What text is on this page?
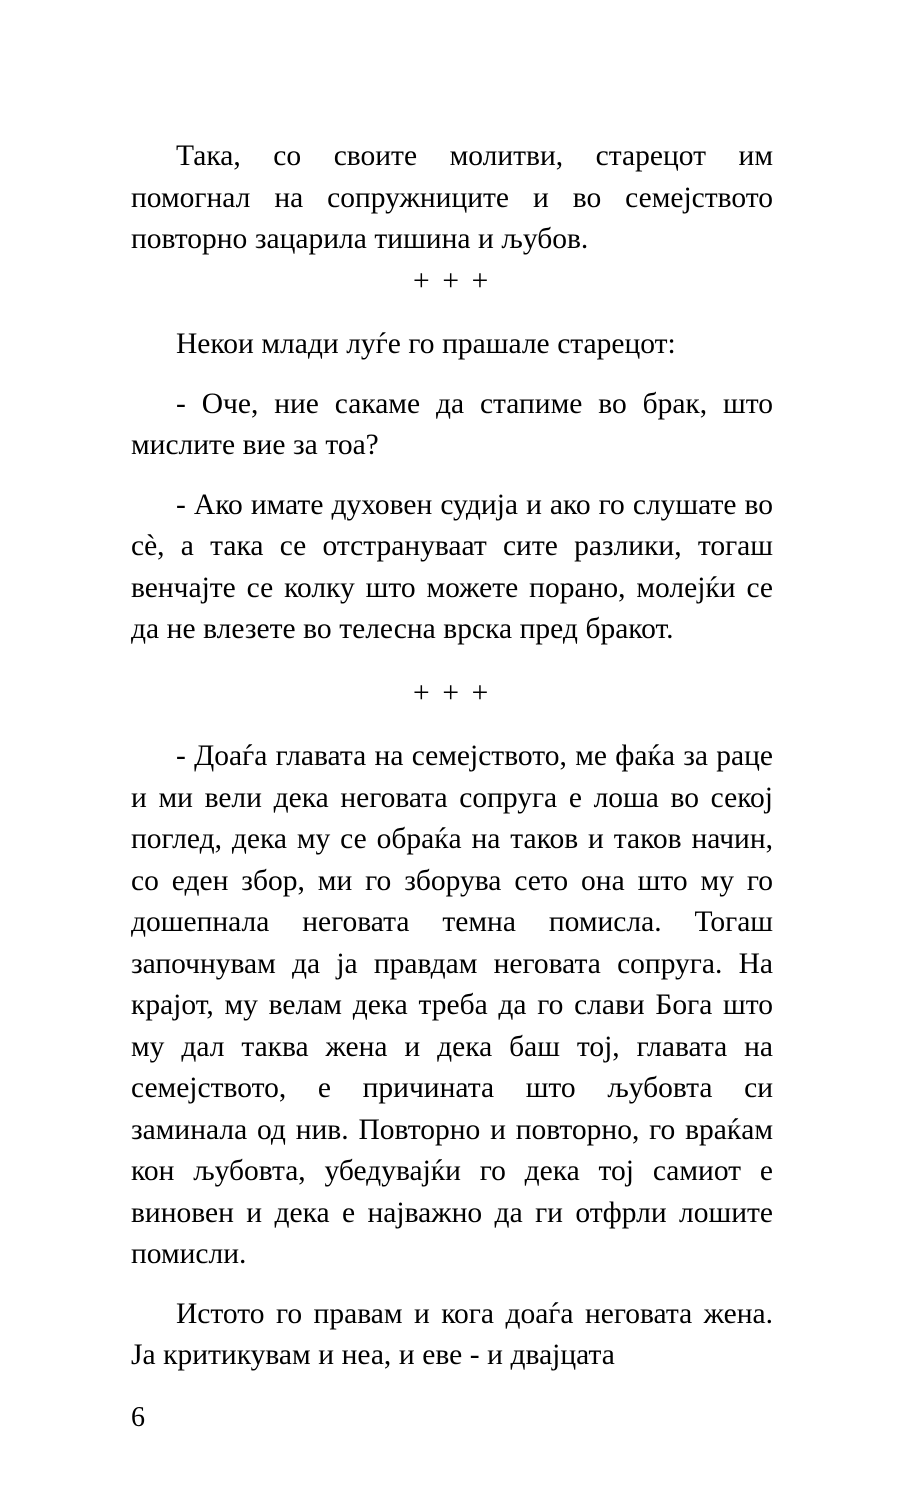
Така, со своите молитви, старецот им помогнал на сопружниците и во семејството повторно зацарила тишина и љубов.

+ + +

Некои млади луѓе го прашале старецот:

- Оче, ние сакаме да стапиме во брак, што мислите вие за тоа?

- Ако имате духовен судија и ако го слушате во сѐ, а така се отстрануваат сите разлики, тогаш венчајте се колку што можете порано, молејќи се да не влезете во телесна врска пред бракот.

+ + +

- Доаѓа главата на семејството, ме фаќа за раце и ми вели дека неговата сопруга е лоша во секој поглед, дека му се обраќа на таков и таков начин, со еден збор, ми го зборува сето она што му го дошепнала неговата темна помисла. Тогаш започнувам да ја правдам неговата сопруга. На крајот, му велам дека треба да го слави Бога што му дал таква жена и дека баш тој, главата на семејството, е причината што љубовта си заминала од нив. Повторно и повторно, го враќам кон љубовта, убедувајќи го дека тој самиот е виновен и дека е најважно да ги отфрли лошите помисли.

Истото го правам и кога доаѓа неговата жена. Ја критикувам и неа, и еве - и двајцата

6
